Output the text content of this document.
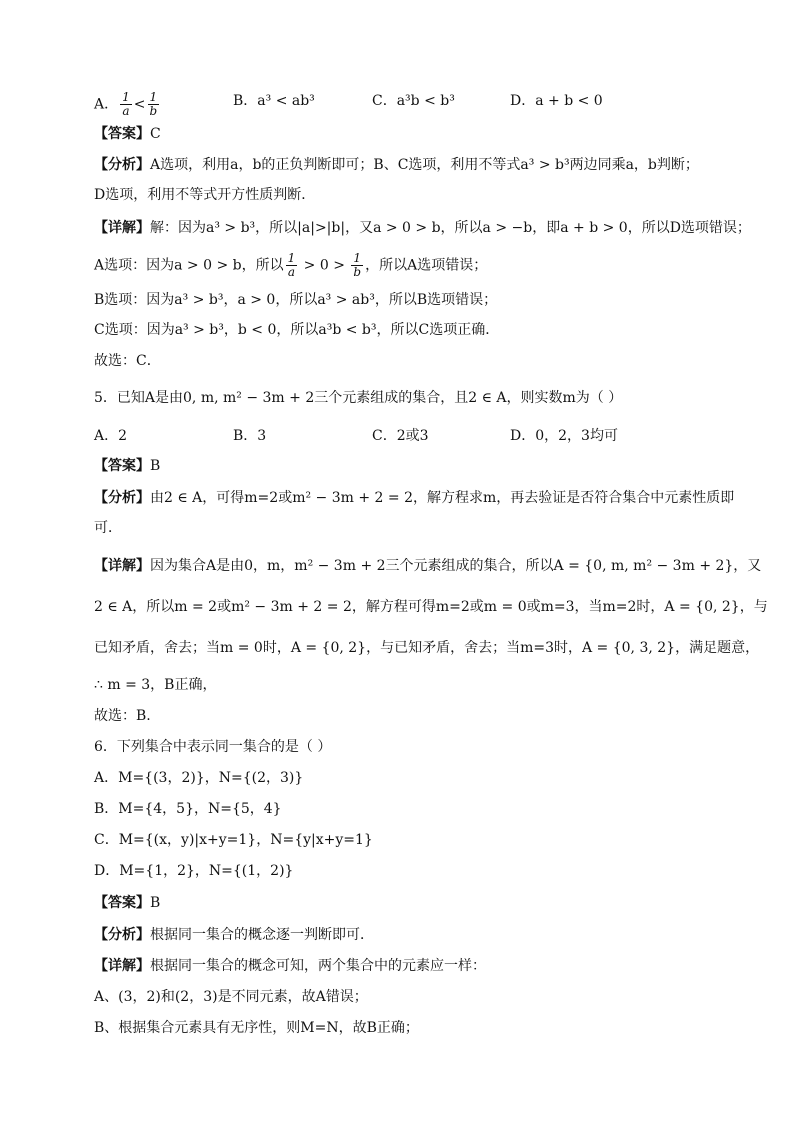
A． $\frac{1}{a} < \frac{1}{b}$	B．a³ < ab³	C．a³b < b³	D．a + b < 0
【答案】C
【分析】A选项，利用a，b的正负判断即可；B、C选项，利用不等式a³ > b³两边同乘a，b判断；
D选项，利用不等式开方性质判断．
【详解】解：因为a³ > b³，所以|a|>|b|，又a > 0 > b，所以a > −b，即a + b > 0，所以D选项错误；
A选项：因为a > 0 > b，所以 $\frac{1}{a} > 0 > \frac{1}{b}$ ，所以A选项错误；
B选项：因为a³ > b³，a > 0，所以a³ > ab³，所以B选项错误；
C选项：因为a³ > b³，b < 0，所以a³b < b³，所以C选项正确．
故选：C．
5．已知A是由0, m, m² − 3m + 2三个元素组成的集合，且2 ∈ A，则实数m为（ ）
A．2	B．3	C．2或3	D．0，2，3均可
【答案】B
【分析】由2 ∈ A，可得m=2或m² − 3m + 2 = 2，解方程求m，再去验证是否符合集合中元素性质即
可．
【详解】因为集合A是由0，m，m² − 3m + 2三个元素组成的集合，所以A = {0, m, m² − 3m + 2}，又
2 ∈ A，所以m = 2或m² − 3m + 2 = 2，解方程可得m=2或m = 0或m=3，当m=2时，A = {0, 2}，与
已知矛盾，舍去；当m = 0时，A = {0, 2}，与已知矛盾，舍去；当m=3时，A = {0, 3, 2}，满足题意，
∴ m = 3，B正确，
故选：B.
6．下列集合中表示同一集合的是（ ）
A．M={(3，2)}，N={(2，3)}
B．M={4，5}，N={5，4}
C．M={(x，y)|x+y=1}，N={y|x+y=1}
D．M={1，2}，N={(1，2)}
【答案】B
【分析】根据同一集合的概念逐一判断即可．
【详解】根据同一集合的概念可知，两个集合中的元素应一样：
A、(3，2)和(2，3)是不同元素，故A错误；
B、根据集合元素具有无序性，则M=N，故B正确；
